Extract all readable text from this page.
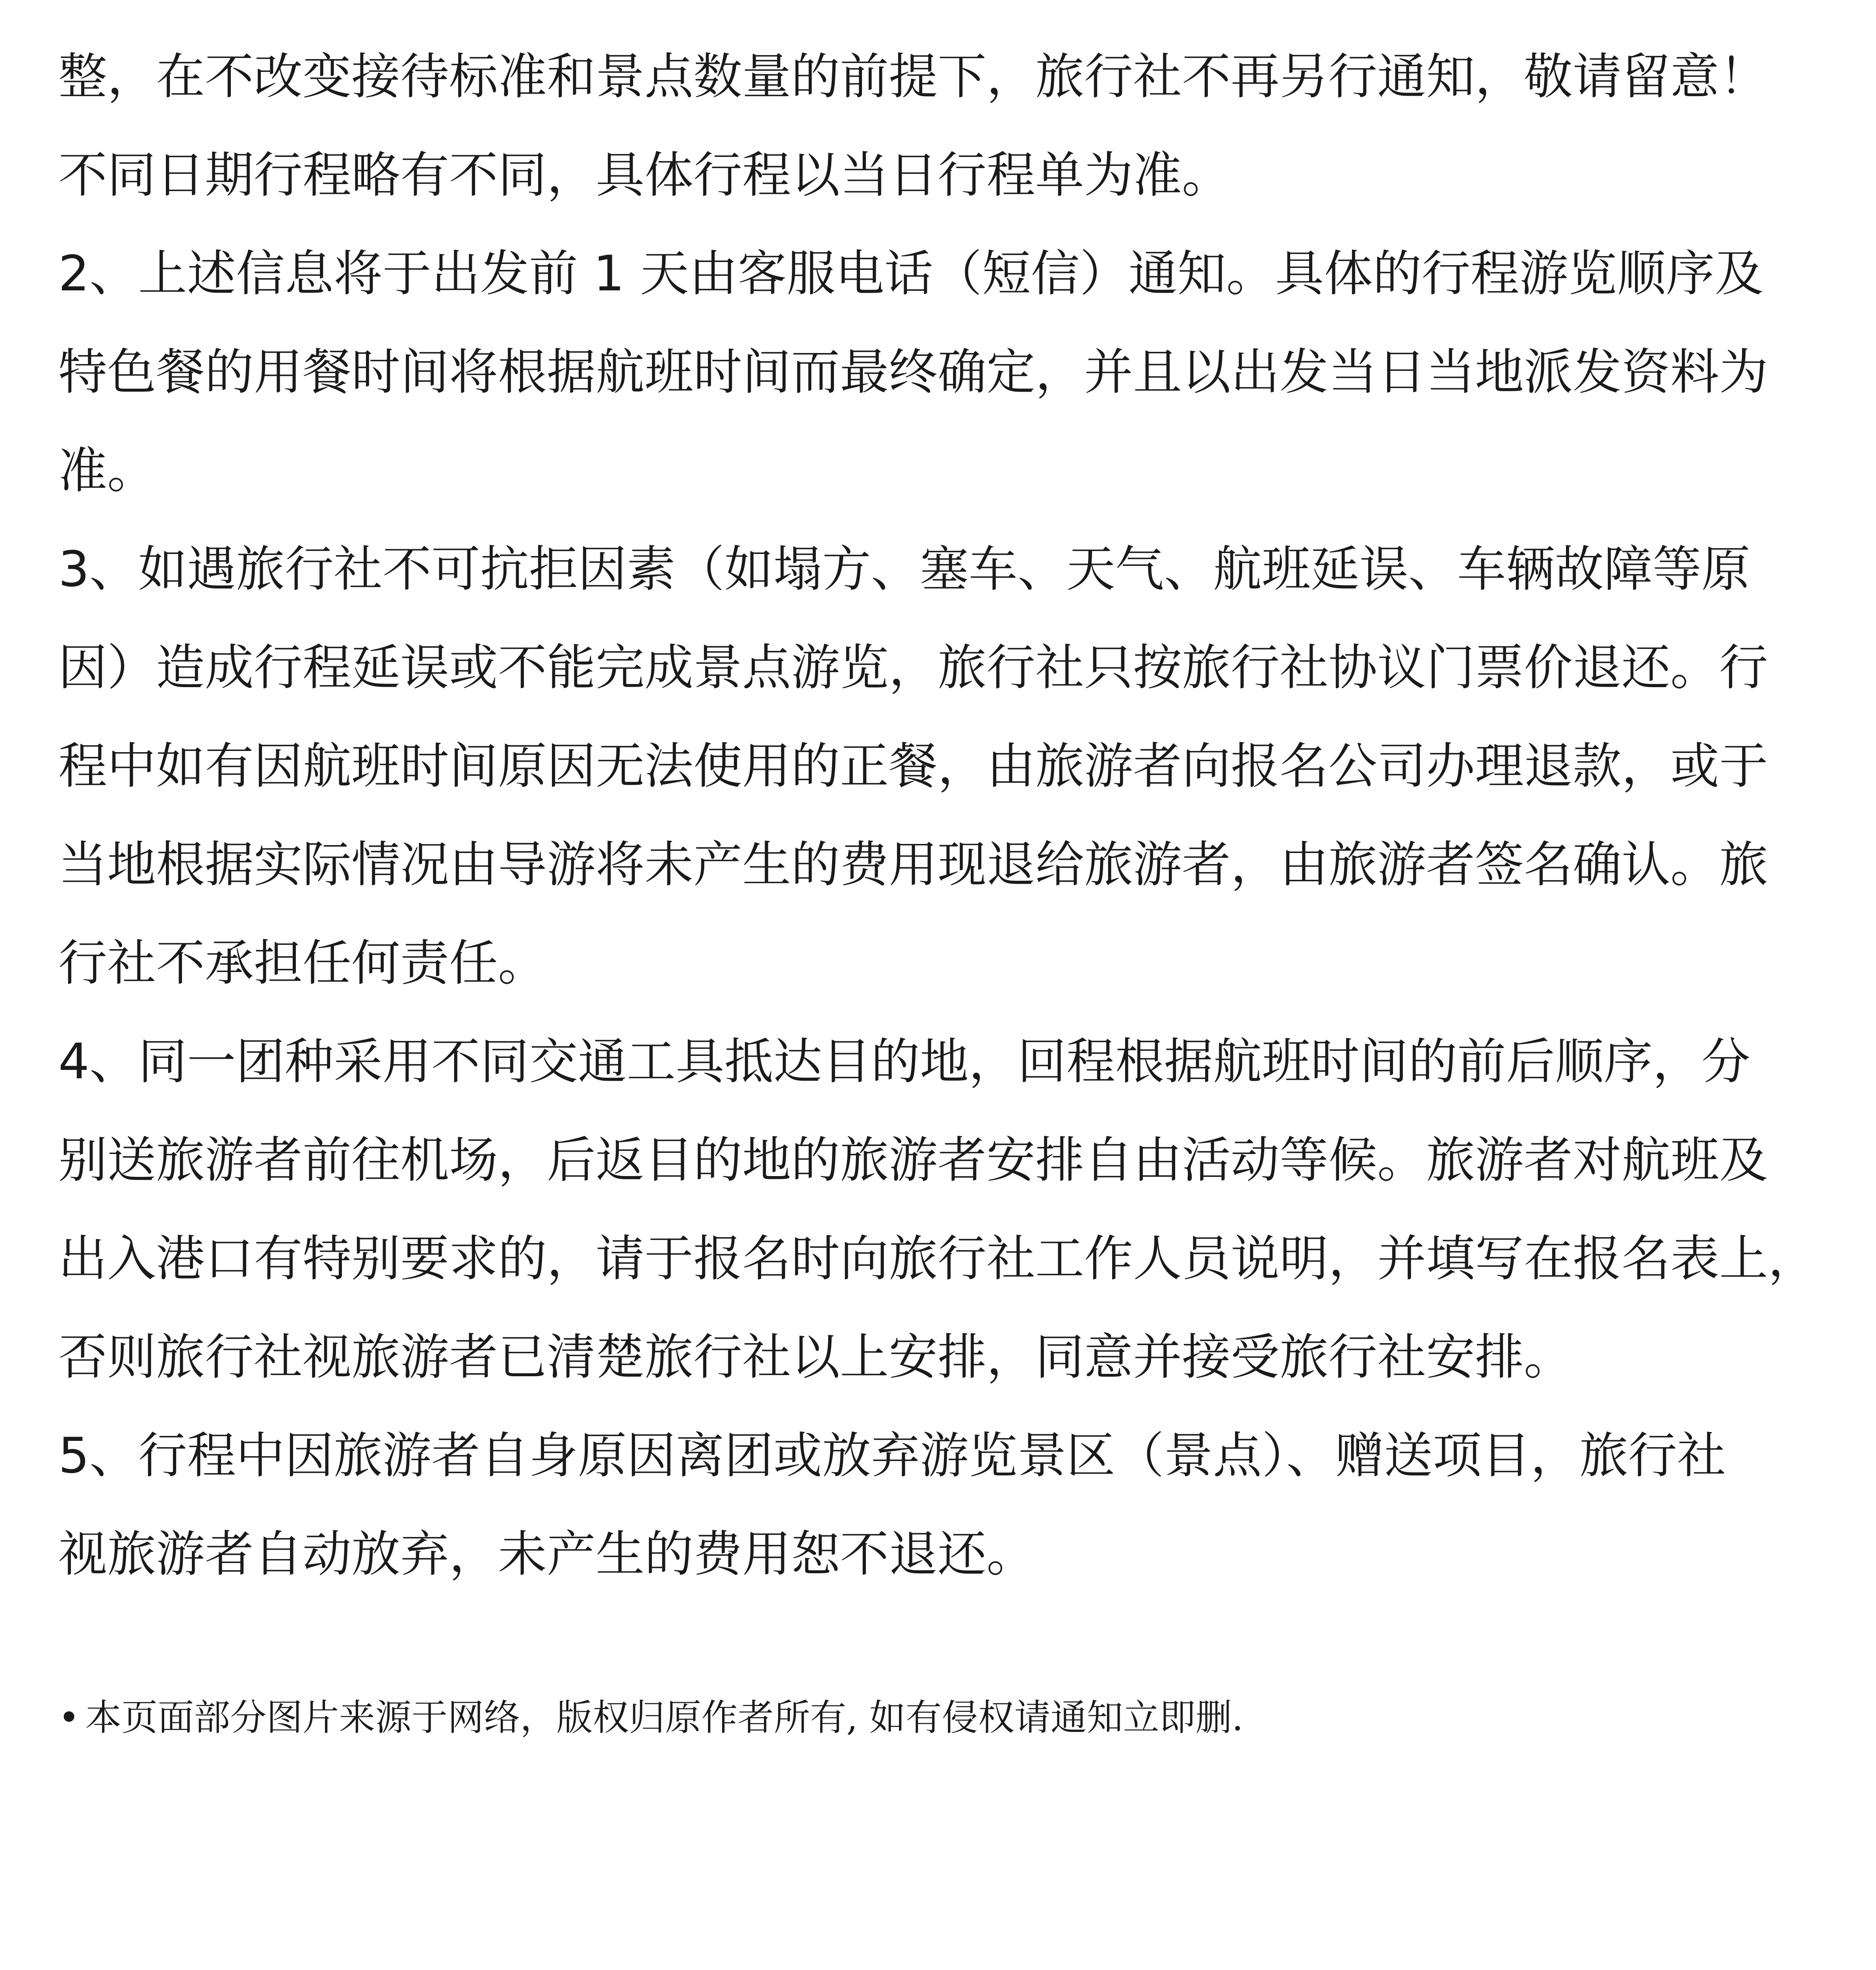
整，在不改变接待标准和景点数量的前提下，旅行社不再另行通知，敬请留意！
不同日期行程略有不同，具体行程以当日行程单为准。
2、上述信息将于出发前 1 天由客服电话（短信）通知。具体的行程游览顺序及
特色餐的用餐时间将根据航班时间而最终确定，并且以出发当日当地派发资料为
准。
3、如遇旅行社不可抗拒因素（如塌方、塞车、天气、航班延误、车辆故障等原
因）造成行程延误或不能完成景点游览，旅行社只按旅行社协议门票价退还。行
程中如有因航班时间原因无法使用的正餐，由旅游者向报名公司办理退款，或于
当地根据实际情况由导游将未产生的费用现退给旅游者，由旅游者签名确认。旅
行社不承担任何责任。
4、同一团种采用不同交通工具抵达目的地，回程根据航班时间的前后顺序，分
别送旅游者前往机场，后返目的地的旅游者安排自由活动等候。旅游者对航班及
出入港口有特别要求的，请于报名时向旅行社工作人员说明，并填写在报名表上，
否则旅行社视旅游者已清楚旅行社以上安排，同意并接受旅行社安排。
5、行程中因旅游者自身原因离团或放弃游览景区（景点）、赠送项目，旅行社
视旅游者自动放弃，未产生的费用恕不退还。
• 本页面部分图片来源于网络，版权归原作者所有, 如有侵权请通知立即删.
